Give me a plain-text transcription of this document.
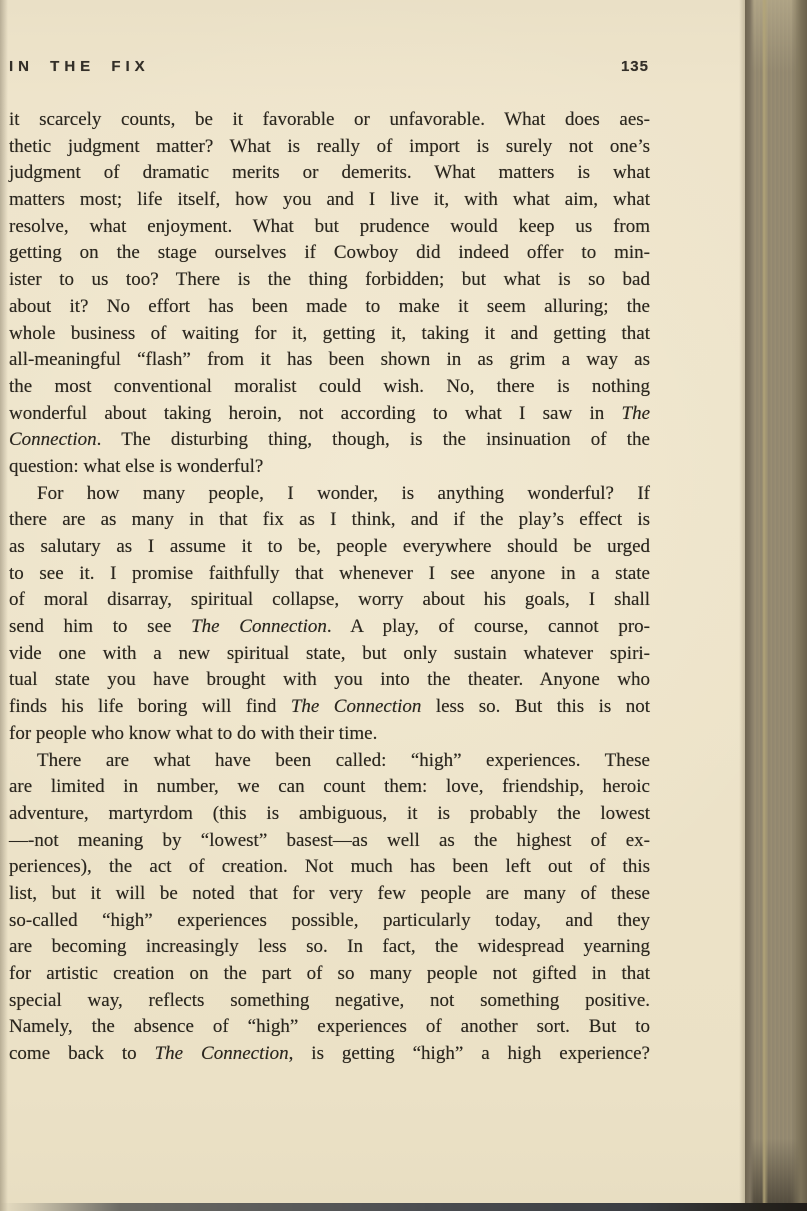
IN THE FIX	135
it scarcely counts, be it favorable or unfavorable. What does aes-
thetic judgment matter? What is really of import is surely not one’s
judgment of dramatic merits or demerits. What matters is what
matters most; life itself, how you and I live it, with what aim, what
resolve, what enjoyment. What but prudence would keep us from
getting on the stage ourselves if Cowboy did indeed offer to min-
ister to us too? There is the thing forbidden; but what is so bad
about it? No effort has been made to make it seem alluring; the
whole business of waiting for it, getting it, taking it and getting that
all-meaningful “flash” from it has been shown in as grim a way as
the most conventional moralist could wish. No, there is nothing
wonderful about taking heroin, not according to what I saw in The
Connection. The disturbing thing, though, is the insinuation of the
question: what else is wonderful?
For how many people, I wonder, is anything wonderful? If
there are as many in that fix as I think, and if the play’s effect is
as salutary as I assume it to be, people everywhere should be urged
to see it. I promise faithfully that whenever I see anyone in a state
of moral disarray, spiritual collapse, worry about his goals, I shall
send him to see The Connection. A play, of course, cannot pro-
vide one with a new spiritual state, but only sustain whatever spiri-
tual state you have brought with you into the theater. Anyone who
finds his life boring will find The Connection less so. But this is not
for people who know what to do with their time.
There are what have been called: “high” experiences. These
are limited in number, we can count them: love, friendship, heroic
adventure, martyrdom (this is ambiguous, it is probably the lowest
—-not meaning by “lowest” basest—as well as the highest of ex-
periences), the act of creation. Not much has been left out of this
list, but it will be noted that for very few people are many of these
so-called “high” experiences possible, particularly today, and they
are becoming increasingly less so. In fact, the widespread yearning
for artistic creation on the part of so many people not gifted in that
special way, reflects something negative, not something positive.
Namely, the absence of “high” experiences of another sort. But to
come back to The Connection, is getting “high” a high experience?
